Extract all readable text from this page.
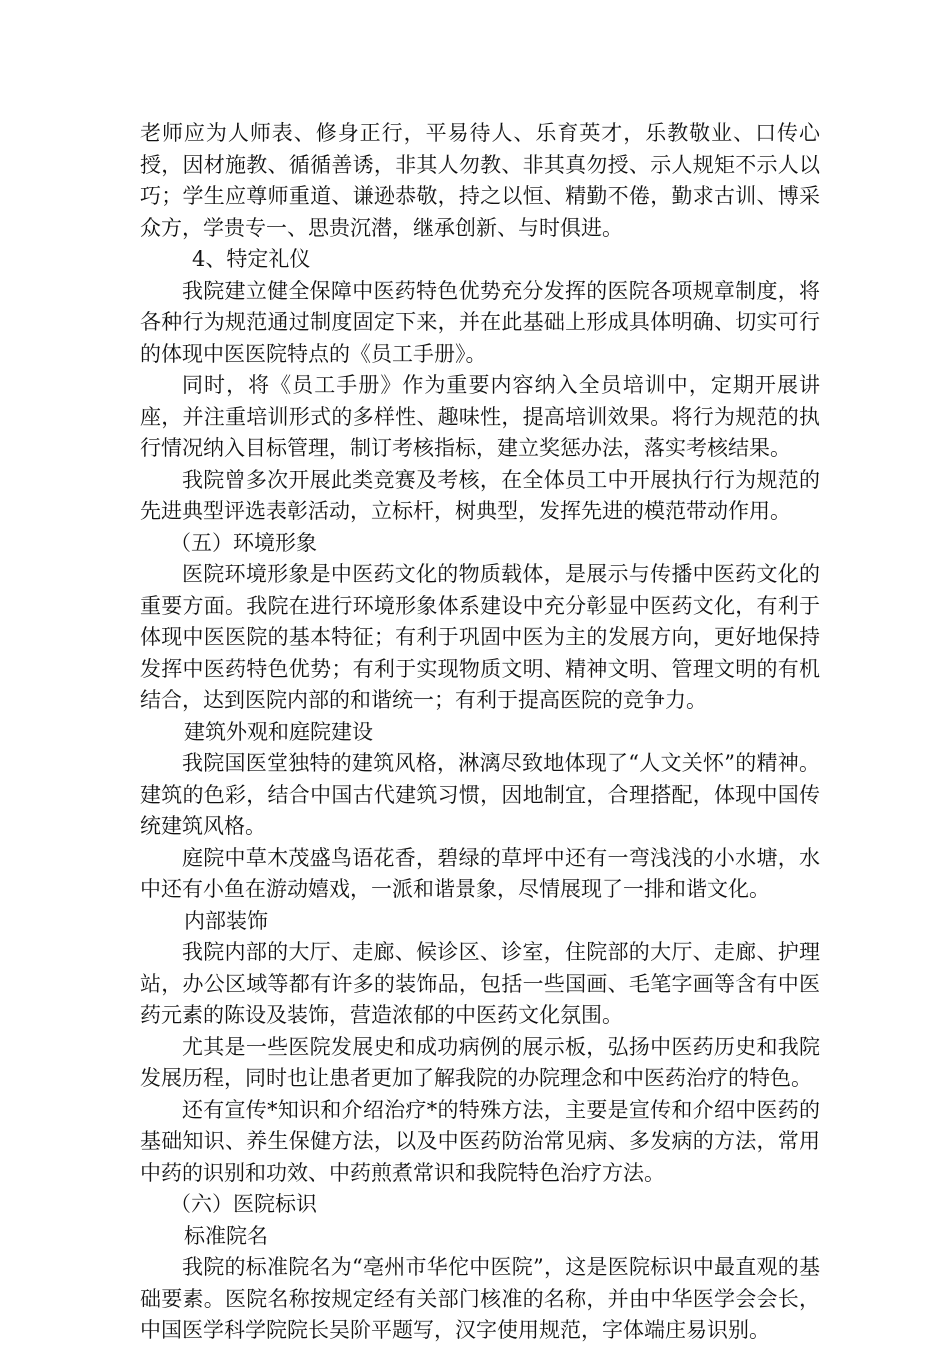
老师应为人师表、修身正行，平易待人、乐育英才，乐教敬业、口传心授，因材施教、循循善诱，非其人勿教、非其真勿授、示人规矩不示人以巧；学生应尊师重道、谦逊恭敬，持之以恒、精勤不倦，勤求古训、博采众方，学贵专一、思贵沉潜，继承创新、与时俱进。

4、特定礼仪

我院建立健全保障中医药特色优势充分发挥的医院各项规章制度，将各种行为规范通过制度固定下来，并在此基础上形成具体明确、切实可行的体现中医医院特点的《员工手册》。

同时，将《员工手册》作为重要内容纳入全员培训中，定期开展讲座，并注重培训形式的多样性、趣味性，提高培训效果。将行为规范的执行情况纳入目标管理，制订考核指标，建立奖惩办法，落实考核结果。

我院曾多次开展此类竞赛及考核，在全体员工中开展执行行为规范的先进典型评选表彰活动，立标杆，树典型，发挥先进的模范带动作用。

（五）环境形象

医院环境形象是中医药文化的物质载体，是展示与传播中医药文化的重要方面。我院在进行环境形象体系建设中充分彰显中医药文化，有利于体现中医医院的基本特征；有利于巩固中医为主的发展方向，更好地保持发挥中医药特色优势；有利于实现物质文明、精神文明、管理文明的有机结合，达到医院内部的和谐统一；有利于提高医院的竞争力。

建筑外观和庭院建设

我院国医堂独特的建筑风格，淋漓尽致地体现了“人文关怀”的精神。建筑的色彩，结合中国古代建筑习惯，因地制宜，合理搭配，体现中国传统建筑风格。

庭院中草木茂盛鸟语花香，碧绿的草坪中还有一弯浅浅的小水塘，水中还有小鱼在游动嬉戏，一派和谐景象，尽情展现了一排和谐文化。

内部装饰

我院内部的大厅、走廊、候诊区、诊室，住院部的大厅、走廊、护理站，办公区域等都有许多的装饰品，包括一些国画、毛笔字画等含有中医药元素的陈设及装饰，营造浓郁的中医药文化氛围。

尤其是一些医院发展史和成功病例的展示板，弘扬中医药历史和我院发展历程，同时也让患者更加了解我院的办院理念和中医药治疗的特色。

还有宣传*知识和介绍治疗*的特殊方法，主要是宣传和介绍中医药的基础知识、养生保健方法，以及中医药防治常见病、多发病的方法，常用中药的识别和功效、中药煎煮常识和我院特色治疗方法。

（六）医院标识

标准院名

我院的标准院名为“亳州市华佗中医院”，这是医院标识中最直观的基础要素。医院名称按规定经有关部门核准的名称，并由中华医学会会长，中国医学科学院院长吴阶平题写，汉字使用规范，字体端庄易识别。
